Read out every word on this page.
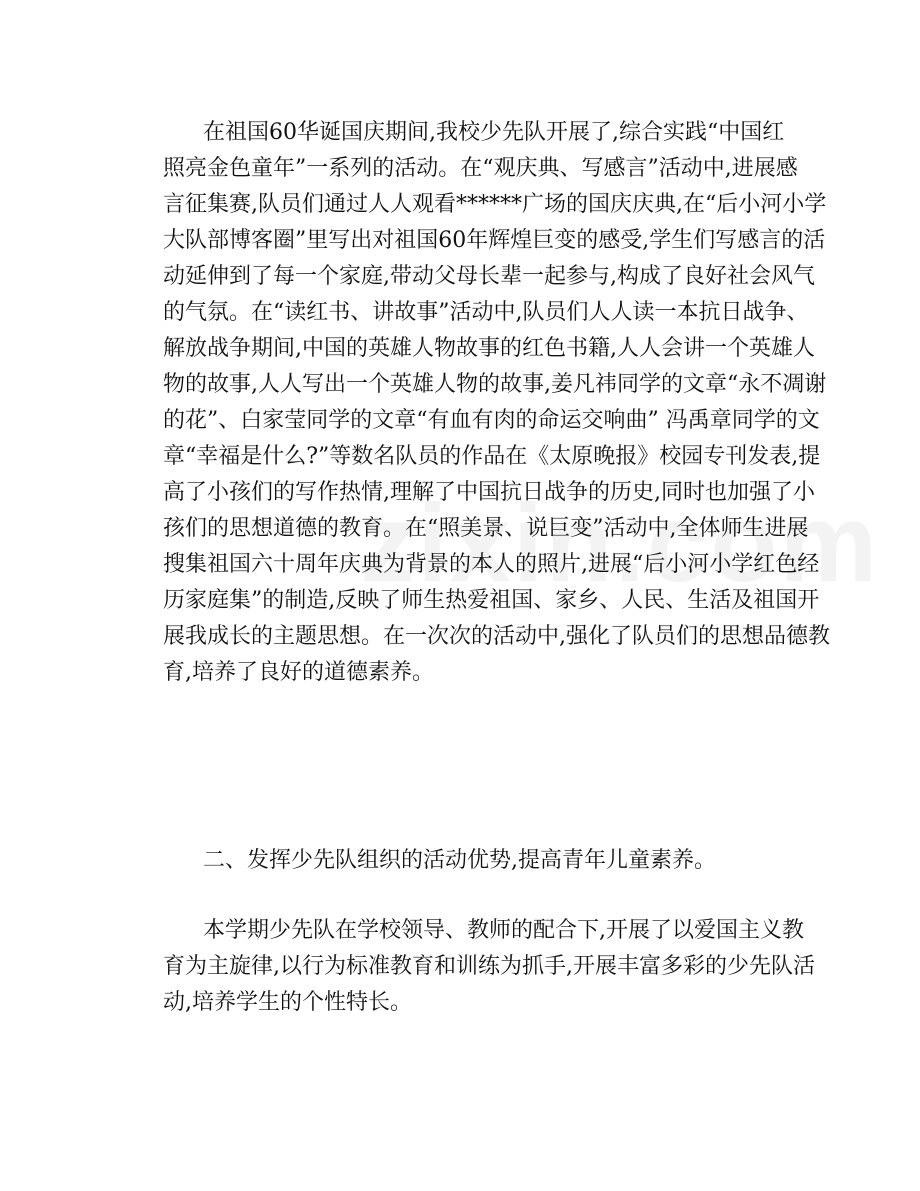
在祖国60华诞国庆期间,我校少先队开展了,综合实践“中国红
照亮金色童年”一系列的活动。在“观庆典、写感言”活动中,进展感
言征集赛,队员们通过人人观看******广场的国庆庆典,在“后小河小学
大队部博客圈”里写出对祖国60年辉煌巨变的感受,学生们写感言的活
动延伸到了每一个家庭,带动父母长辈一起参与,构成了良好社会风气
的气氛。在“读红书、讲故事”活动中,队员们人人读一本抗日战争、
解放战争期间,中国的英雄人物故事的红色书籍,人人会讲一个英雄人
物的故事,人人写出一个英雄人物的故事,姜凡祎同学的文章“永不凋谢
的花”、白家莹同学的文章“有血有肉的命运交响曲” 冯禹章同学的文
章“幸福是什么?”等数名队员的作品在《太原晚报》校园专刊发表,提
高了小孩们的写作热情,理解了中国抗日战争的历史,同时也加强了小
孩们的思想道德的教育。在“照美景、说巨变”活动中,全体师生进展
搜集祖国六十周年庆典为背景的本人的照片,进展“后小河小学红色经
历家庭集”的制造,反映了师生热爱祖国、家乡、人民、生活及祖国开
展我成长的主题思想。在一次次的活动中,强化了队员们的思想品德教
育,培养了良好的道德素养。
二、发挥少先队组织的活动优势,提高青年儿童素养。
本学期少先队在学校领导、教师的配合下,开展了以爱国主义教
育为主旋律,以行为标准教育和训练为抓手,开展丰富多彩的少先队活
动,培养学生的个性特长。
